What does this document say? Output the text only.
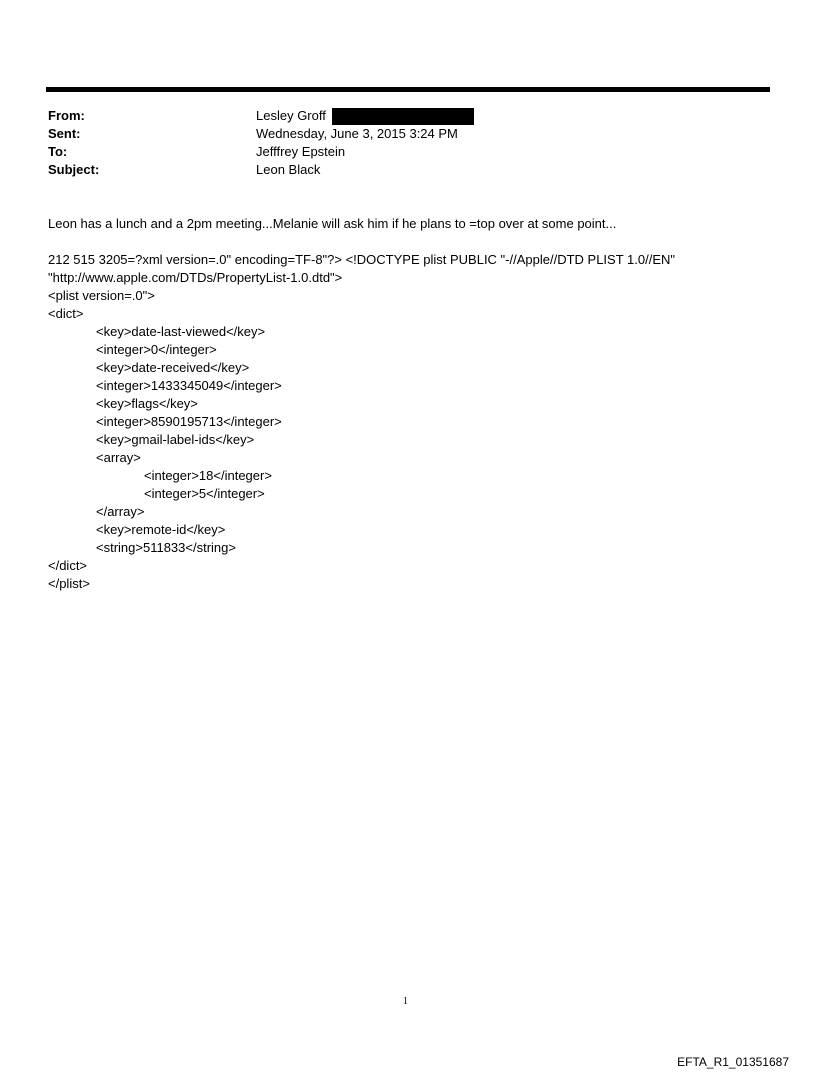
From:	Lesley Groff
Sent:	Wednesday, June 3, 2015 3:24 PM
To:	Jefffrey Epstein
Subject:	Leon Black

Leon has a lunch and a 2pm meeting...Melanie will ask him if he plans to =top over at some point...

212 515 3205=?xml version=.0" encoding=TF-8"?> <!DOCTYPE plist PUBLIC "-//Apple//DTD PLIST 1.0//EN"

"http://www.apple.com/DTDs/PropertyList-1.0.dtd">

<plist version=.0">

<dict>

<key>date-last-viewed</key>

<integer>0</integer>

<key>date-received</key>

<integer>1433345049</integer>

<key>flags</key>

<integer>8590195713</integer>

<key>gmail-label-ids</key>

<array>

<integer>18</integer>

<integer>5</integer>

</array>

<key>remote-id</key>

<string>511833</string>

</dict>

</plist>

1
EFTA_R1_01351687
